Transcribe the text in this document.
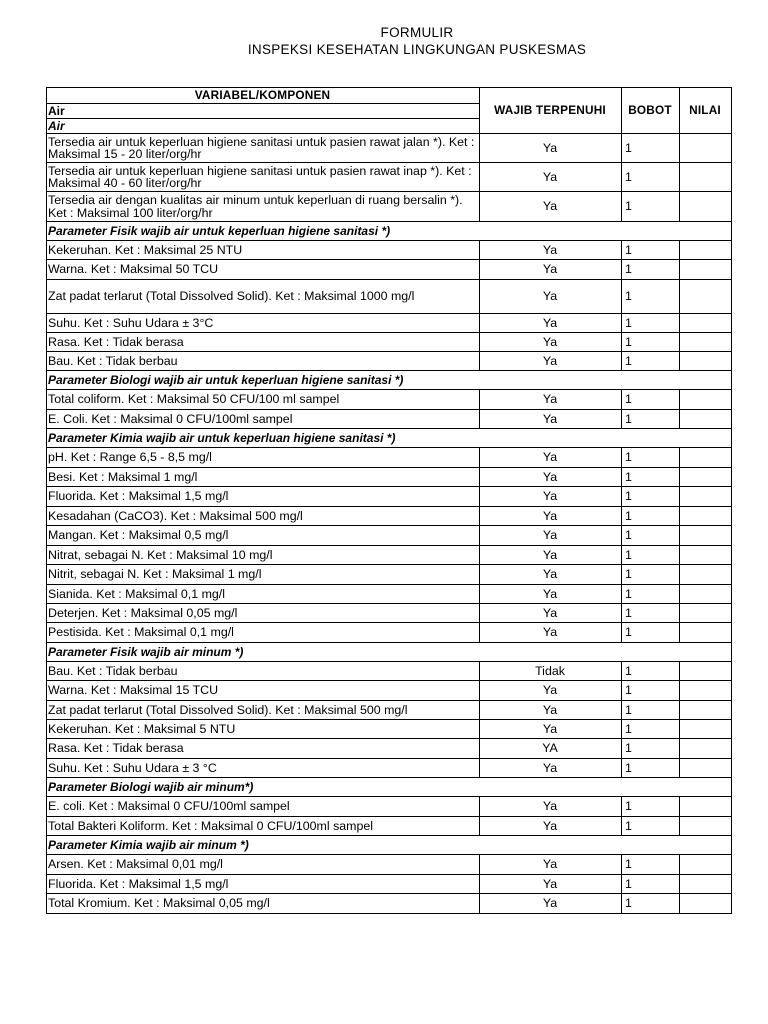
FORMULIR
INSPEKSI KESEHATAN LINGKUNGAN PUSKESMAS
VARIABEL/KOMPONEN	WAJIB TERPENUHI	BOBOT	NILAI
Air			
Air			
Tersedia air untuk keperluan higiene sanitasi untuk pasien rawat jalan *). Ket : Maksimal 15 - 20 liter/org/hr	Ya	1	
Tersedia air untuk keperluan higiene sanitasi untuk pasien rawat inap *). Ket : Maksimal 40 - 60 liter/org/hr	Ya	1	
Tersedia air dengan kualitas air minum untuk keperluan di ruang bersalin *). Ket : Maksimal 100 liter/org/hr	Ya	1	
Parameter Fisik wajib air untuk keperluan higiene sanitasi *)			
Kekeruhan. Ket : Maksimal 25 NTU	Ya	1	
Warna. Ket : Maksimal 50 TCU	Ya	1	
Zat padat terlarut (Total Dissolved Solid). Ket : Maksimal 1000 mg/l	Ya	1	
Suhu. Ket : Suhu Udara ± 3°C	Ya	1	
Rasa. Ket : Tidak berasa	Ya	1	
Bau. Ket : Tidak berbau	Ya	1	
Parameter Biologi wajib air untuk keperluan higiene sanitasi *)			
Total coliform. Ket : Maksimal 50 CFU/100 ml sampel	Ya	1	
E. Coli. Ket : Maksimal 0 CFU/100ml sampel	Ya	1	
Parameter Kimia wajib air untuk keperluan higiene sanitasi *)			
pH. Ket : Range 6,5 - 8,5 mg/l	Ya	1	
Besi. Ket : Maksimal 1 mg/l	Ya	1	
Fluorida. Ket : Maksimal 1,5 mg/l	Ya	1	
Kesadahan (CaCO3). Ket : Maksimal 500 mg/l	Ya	1	
Mangan. Ket : Maksimal 0,5 mg/l	Ya	1	
Nitrat, sebagai N. Ket : Maksimal 10 mg/l	Ya	1	
Nitrit, sebagai N. Ket : Maksimal 1 mg/l	Ya	1	
Sianida. Ket : Maksimal 0,1 mg/l	Ya	1	
Deterjen. Ket : Maksimal 0,05 mg/l	Ya	1	
Pestisida. Ket : Maksimal 0,1 mg/l	Ya	1	
Parameter Fisik wajib air minum *)			
Bau. Ket : Tidak berbau	Tidak	1	
Warna. Ket : Maksimal 15 TCU	Ya	1	
Zat padat terlarut (Total Dissolved Solid). Ket : Maksimal 500 mg/l	Ya	1	
Kekeruhan. Ket : Maksimal 5 NTU	Ya	1	
Rasa. Ket : Tidak berasa	YA	1	
Suhu. Ket : Suhu Udara ± 3 °C	Ya	1	
Parameter Biologi wajib air minum*)			
E. coli. Ket : Maksimal 0 CFU/100ml sampel	Ya	1	
Total Bakteri Koliform. Ket : Maksimal 0 CFU/100ml sampel	Ya	1	
Parameter Kimia wajib air minum *)			
Arsen. Ket : Maksimal 0,01 mg/l	Ya	1	
Fluorida. Ket : Maksimal 1,5 mg/l	Ya	1	
Total Kromium. Ket : Maksimal 0,05 mg/l	Ya	1	
